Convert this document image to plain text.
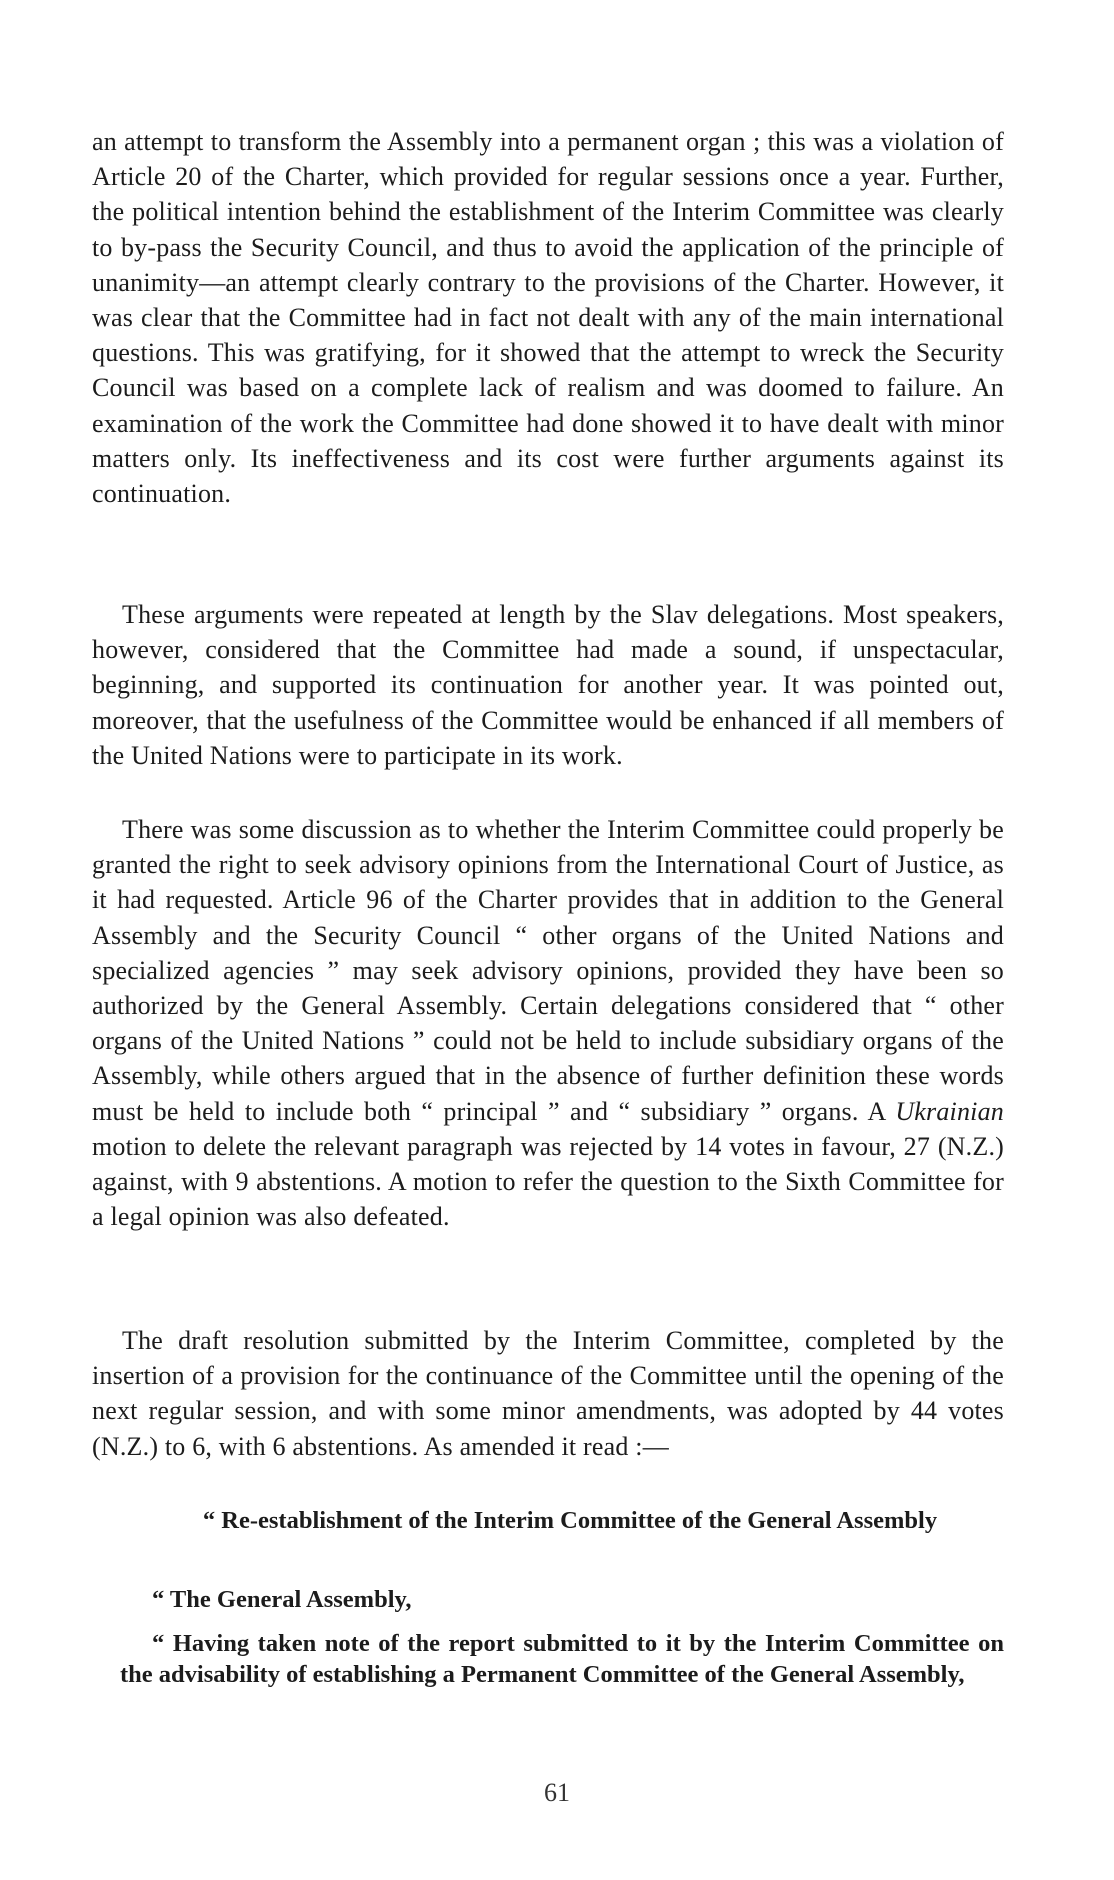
an attempt to transform the Assembly into a permanent organ ; this was a violation of Article 20 of the Charter, which provided for regular sessions once a year. Further, the political intention behind the establishment of the Interim Committee was clearly to by-pass the Security Council, and thus to avoid the application of the principle of unanimity—an attempt clearly contrary to the provisions of the Charter. However, it was clear that the Committee had in fact not dealt with any of the main international questions. This was gratifying, for it showed that the attempt to wreck the Security Council was based on a complete lack of realism and was doomed to failure. An examination of the work the Committee had done showed it to have dealt with minor matters only. Its ineffectiveness and its cost were further arguments against its continuation.

These arguments were repeated at length by the Slav delegations. Most speakers, however, considered that the Committee had made a sound, if unspectacular, beginning, and supported its continuation for another year. It was pointed out, moreover, that the usefulness of the Committee would be enhanced if all members of the United Nations were to participate in its work.

There was some discussion as to whether the Interim Committee could properly be granted the right to seek advisory opinions from the International Court of Justice, as it had requested. Article 96 of the Charter provides that in addition to the General Assembly and the Security Council “ other organs of the United Nations and specialized agencies ” may seek advisory opinions, provided they have been so authorized by the General Assembly. Certain delegations considered that “ other organs of the United Nations ” could not be held to include subsidiary organs of the Assembly, while others argued that in the absence of further definition these words must be held to include both “ principal ” and “ subsidiary ” organs. A Ukrainian motion to delete the relevant paragraph was rejected by 14 votes in favour, 27 (N.Z.) against, with 9 abstentions. A motion to refer the question to the Sixth Committee for a legal opinion was also defeated.

The draft resolution submitted by the Interim Committee, completed by the insertion of a provision for the continuance of the Committee until the opening of the next regular session, and with some minor amendments, was adopted by 44 votes (N.Z.) to 6, with 6 abstentions. As amended it read :—

“ Re-establishment of the Interim Committee of the General Assembly
“ The General Assembly,
“ Having taken note of the report submitted to it by the Interim Committee on the advisability of establishing a Permanent Committee of the General Assembly,
61
